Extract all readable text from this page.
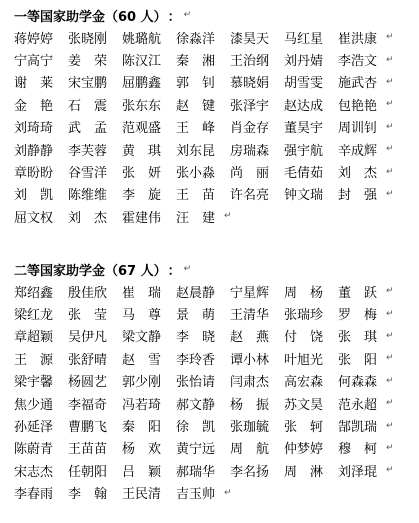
一等国家助学金 （60 人） ： ↵
蒋婷婷	张晓刚	姚璐航	徐淼洋	漆昊天	马红星	崔洪康 ↵
宁高宁	姜　荣	陈汉江	秦　湘	王治纲	刘丹婧	李浩文 ↵
谢　莱	宋宝鹏	屈鹏鑫	郭　钊	慕晓娟	胡雪雯	施武杏 ↵
金　艳	石　震	张东东	赵　键	张泽宇	赵达成	包艳艳 ↵
刘琦琦	武　孟	范观盛	王　峰	肖金存	董昊宇	周训钊 ↵
刘静静	李芙蓉	黄　琪	刘东昆	房瑞森	强宇航	辛成辉 ↵
章盼盼	谷雪洋	张　妍	张小淼	尚　丽	毛倩茹	刘　杰 ↵
刘　凯	陈维维	李　旋	王　苗	许名亮	钟文瑞	封　强 ↵
屈文权	刘　杰	霍建伟	汪　建 ↵
二等国家助学金 （67 人） ： ↵
郑绍鑫	殷佳欣	崔　瑞	赵晨静	宁星辉	周　杨	董　跃 ↵
梁红龙	张　莹	马　尊	景　萌	王清华	张瑞珍	罗　梅 ↵
章超颖	吴伊凡	梁文静	李　晓	赵　燕	付　饶	张　琪 ↵
王　源	张舒晴	赵　雪	李玲香	谭小林	叶旭光	张　阳 ↵
梁宇馨	杨圆艺	郭少刚	张怡请	闫肃杰	高宏森	何森森 ↵
焦少通	李福奇	冯若琦	郝文静	杨　振	苏文昊	范永超 ↵
孙延泽	曹鹏飞	秦　阳	徐　凯	张珈毓	张　轲	郜凯瑞 ↵
陈蔚青	王苗苗	杨　欢	黄宁远	周　航	仲梦婷	穆　柯 ↵
宋志杰	任朝阳	吕　颖	郝瑞华	李名扬	周　淋	刘泽琨 ↵
李春雨	李　翰	王民清	吉玉帅 ↵
